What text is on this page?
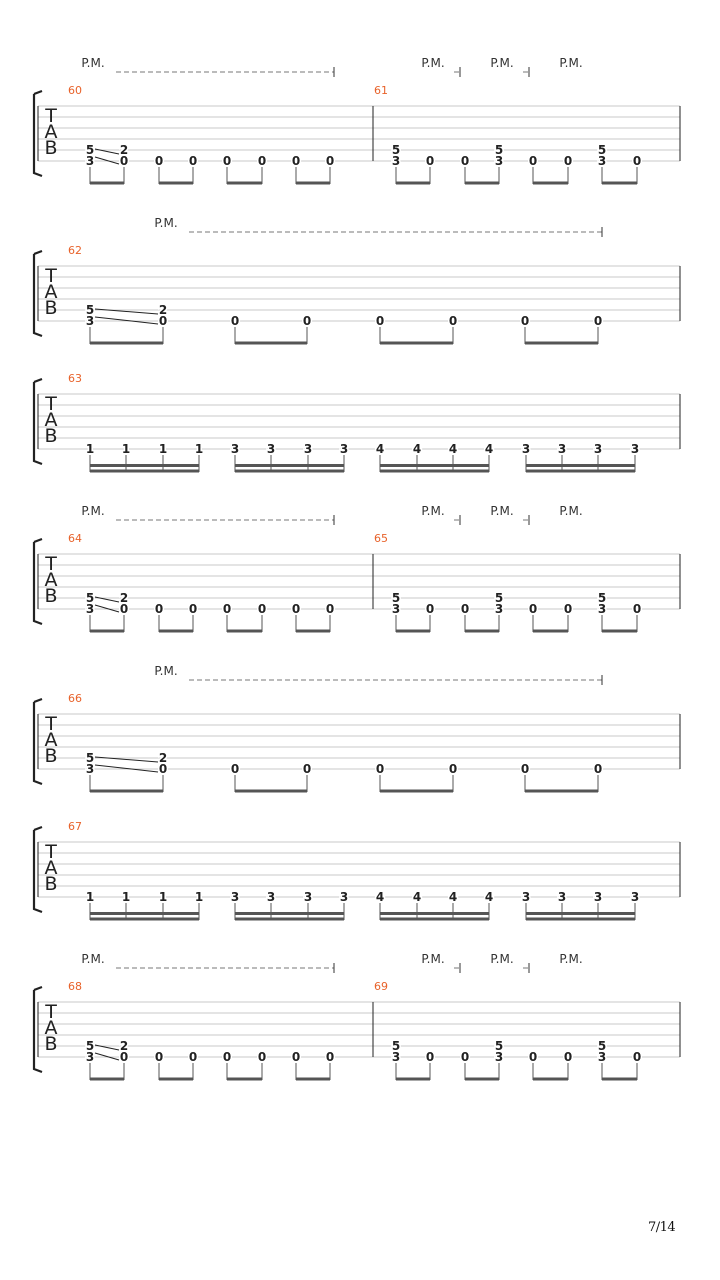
T
A
B
60
5
3
2
0 0 0 0 0 0 0
P.M.
61
5
3 0 0
5
3 0 0
5
3 0
P.M.	P.M.	P.M.
T
A
B
62
5
3
2
0	0	0	0	0	0	0
P.M.
T
A
B
63
1 1 1 1 3 3 3 3 4 4 4 4 3 3 3 3
T
A
B
64
5
3
2
0 0 0 0 0 0 0
P.M.
65
5
3 0 0
5
3 0 0
5
3 0
P.M.	P.M.	P.M.
T
A
B
66
5
3
2
0	0	0	0	0	0	0
P.M.
T
A
B
67
1 1 1 1 3 3 3 3 4 4 4 4 3 3 3 3
T
A
B
68
5
3
2
0 0 0 0 0 0 0
P.M.
69
5
3 0 0
5
3 0 0
5
3 0
P.M.	P.M.	P.M.
7/14
